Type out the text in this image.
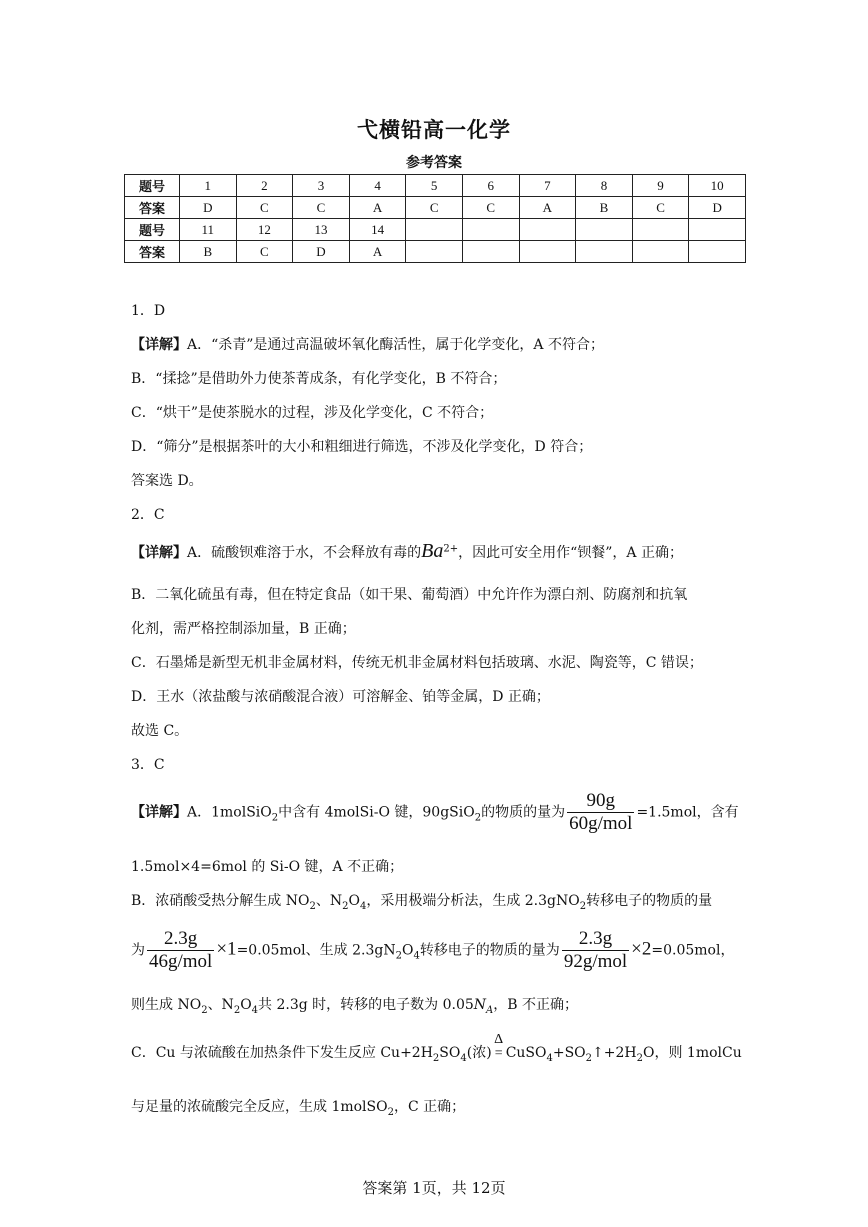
弋横铅高一化学
参考答案
题号	1	2	3	4	5	6	7	8	9	10
答案	D	C	C	A	C	C	A	B	C	D
题号	11	12	13	14						
答案	B	C	D	A						
1．D
【详解】A．“杀青”是通过高温破坏氧化酶活性，属于化学变化，A 不符合；
B．“揉捻”是借助外力使茶菁成条，有化学变化，B 不符合；
C．“烘干”是使茶脱水的过程，涉及化学变化，C 不符合；
D．“筛分”是根据茶叶的大小和粗细进行筛选，不涉及化学变化，D 符合；
答案选 D。
2．C
【详解】A．硫酸钡难溶于水，不会释放有毒的$Ba^{2+}$，因此可安全用作“钡餐”，A 正确；
B．二氧化硫虽有毒，但在特定食品（如干果、葡萄酒）中允许作为漂白剂、防腐剂和抗氧
化剂，需严格控制添加量，B 正确；
C．石墨烯是新型无机非金属材料，传统无机非金属材料包括玻璃、水泥、陶瓷等，C 错误；
D．王水（浓盐酸与浓硝酸混合液）可溶解金、铂等金属，D 正确；
故选 C。
3．C
【详解】A．1molSiO$_2$中含有 4molSi-O 键，90gSiO$_2$的物质的量为 $\frac{90g}{\text{60g/mol}} =1.5mol$，含有
1.5mol×4=6mol 的 Si-O 键，A 不正确；
B．浓硝酸受热分解生成 $NO_2$、$N_2O_4$，采用极端分析法，生成 2.3gNO$_2$转移电子的物质的量
为 $\frac{2.3g}{\text{46g/mol}} \times 1=0.05mol$、生成 $2.3gN_2O_4$转移电子的物质的量为 $\frac{2.3g}{\text{92g/mol}} \times 2=0.05mol$，
则生成 $NO_2$、$N_2O_4$共 2.3g 时，转移的电子数为 $0.05N_A$，B 不正确；
C．Cu 与浓硫酸在加热条件下发生反应 $Cu+2H_2SO_4$(浓)
Δ
= $CuSO_4+SO_2↑+2H_2O$，则 1molCu
与足量的浓硫酸完全反应，生成 1molSO$_2$，C 正确；
答案第 1页，共 12页
